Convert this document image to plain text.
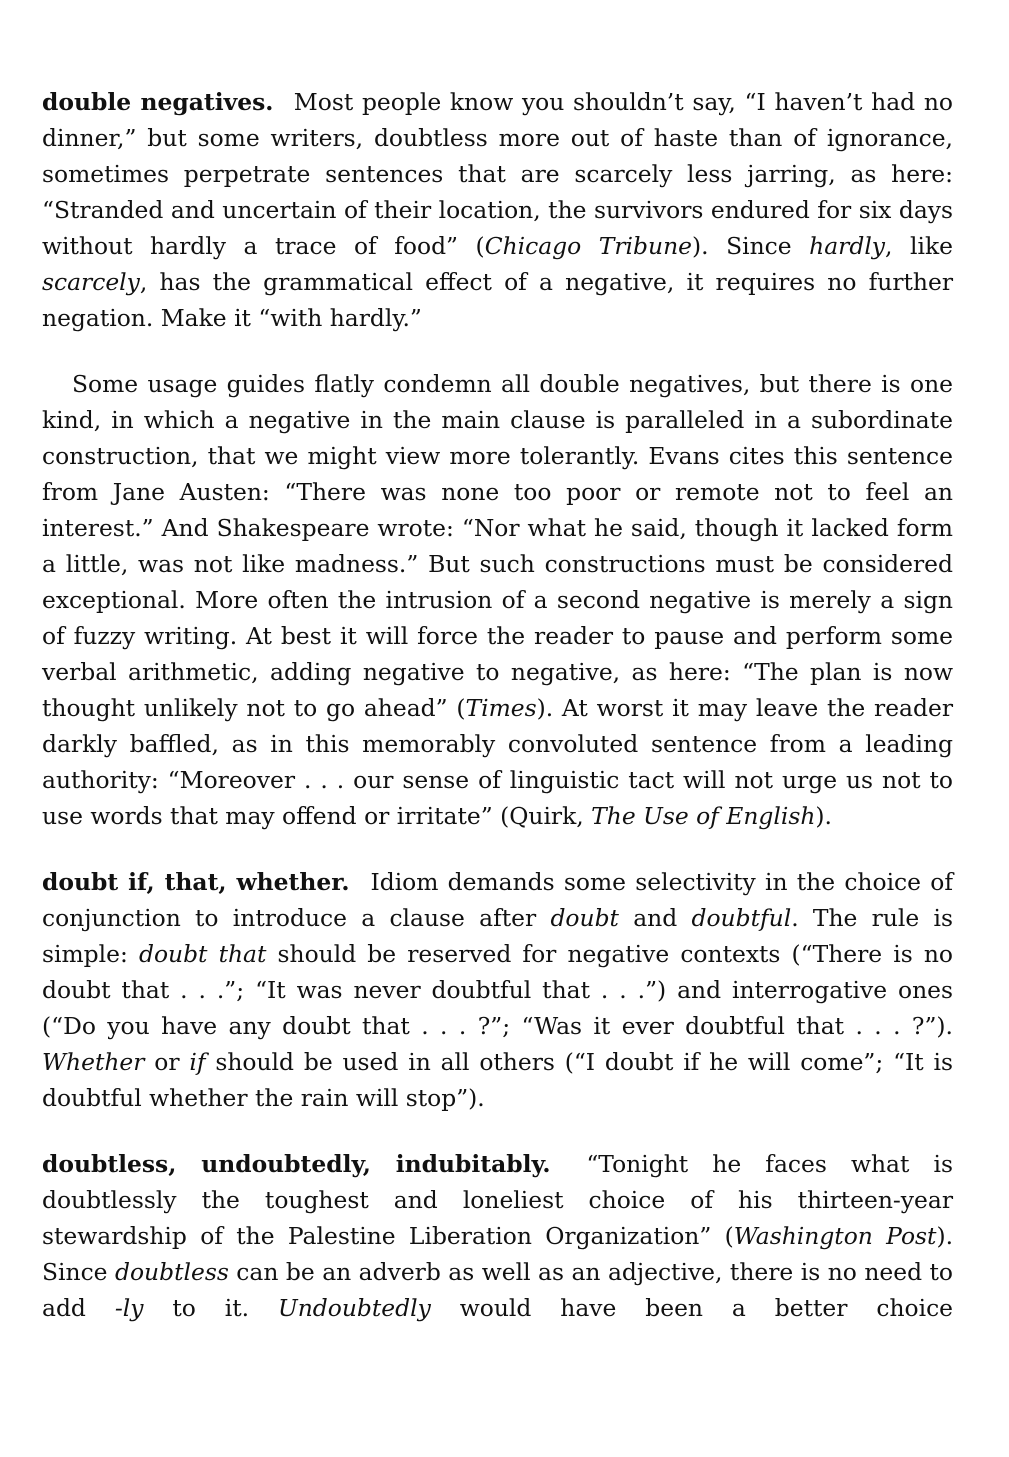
double negatives.  Most people know you shouldn’t say, “I haven’t had no dinner,” but some writers, doubtless more out of haste than of ignorance, sometimes perpetrate sentences that are scarcely less jarring, as here: “Stranded and uncertain of their location, the survivors endured for six days without hardly a trace of food” (Chicago Tribune). Since hardly, like scarcely, has the grammatical effect of a negative, it requires no further negation. Make it “with hardly.”

Some usage guides flatly condemn all double negatives, but there is one kind, in which a negative in the main clause is paralleled in a subordinate construction, that we might view more tolerantly. Evans cites this sentence from Jane Austen: “There was none too poor or remote not to feel an interest.” And Shakespeare wrote: “Nor what he said, though it lacked form a little, was not like madness.” But such constructions must be considered exceptional. More often the intrusion of a second negative is merely a sign of fuzzy writing. At best it will force the reader to pause and perform some verbal arithmetic, adding negative to negative, as here: “The plan is now thought unlikely not to go ahead” (Times). At worst it may leave the reader darkly baffled, as in this memorably convoluted sentence from a leading authority: “Moreover . . . our sense of linguistic tact will not urge us not to use words that may offend or irritate” (Quirk, The Use of English).

doubt if, that, whether.  Idiom demands some selectivity in the choice of conjunction to introduce a clause after doubt and doubtful. The rule is simple: doubt that should be reserved for negative contexts (“There is no doubt that . . .”; “It was never doubtful that . . .”) and interrogative ones (“Do you have any doubt that . . . ?”; “Was it ever doubtful that . . . ?”). Whether or if should be used in all others (“I doubt if he will come”; “It is doubtful whether the rain will stop”).

doubtless, undoubtedly, indubitably.  “Tonight he faces what is doubtlessly the toughest and loneliest choice of his thirteen-year stewardship of the Palestine Liberation Organization” (Washington Post). Since doubtless can be an adverb as well as an adjective, there is no need to add -ly to it. Undoubtedly would have been a better choice
